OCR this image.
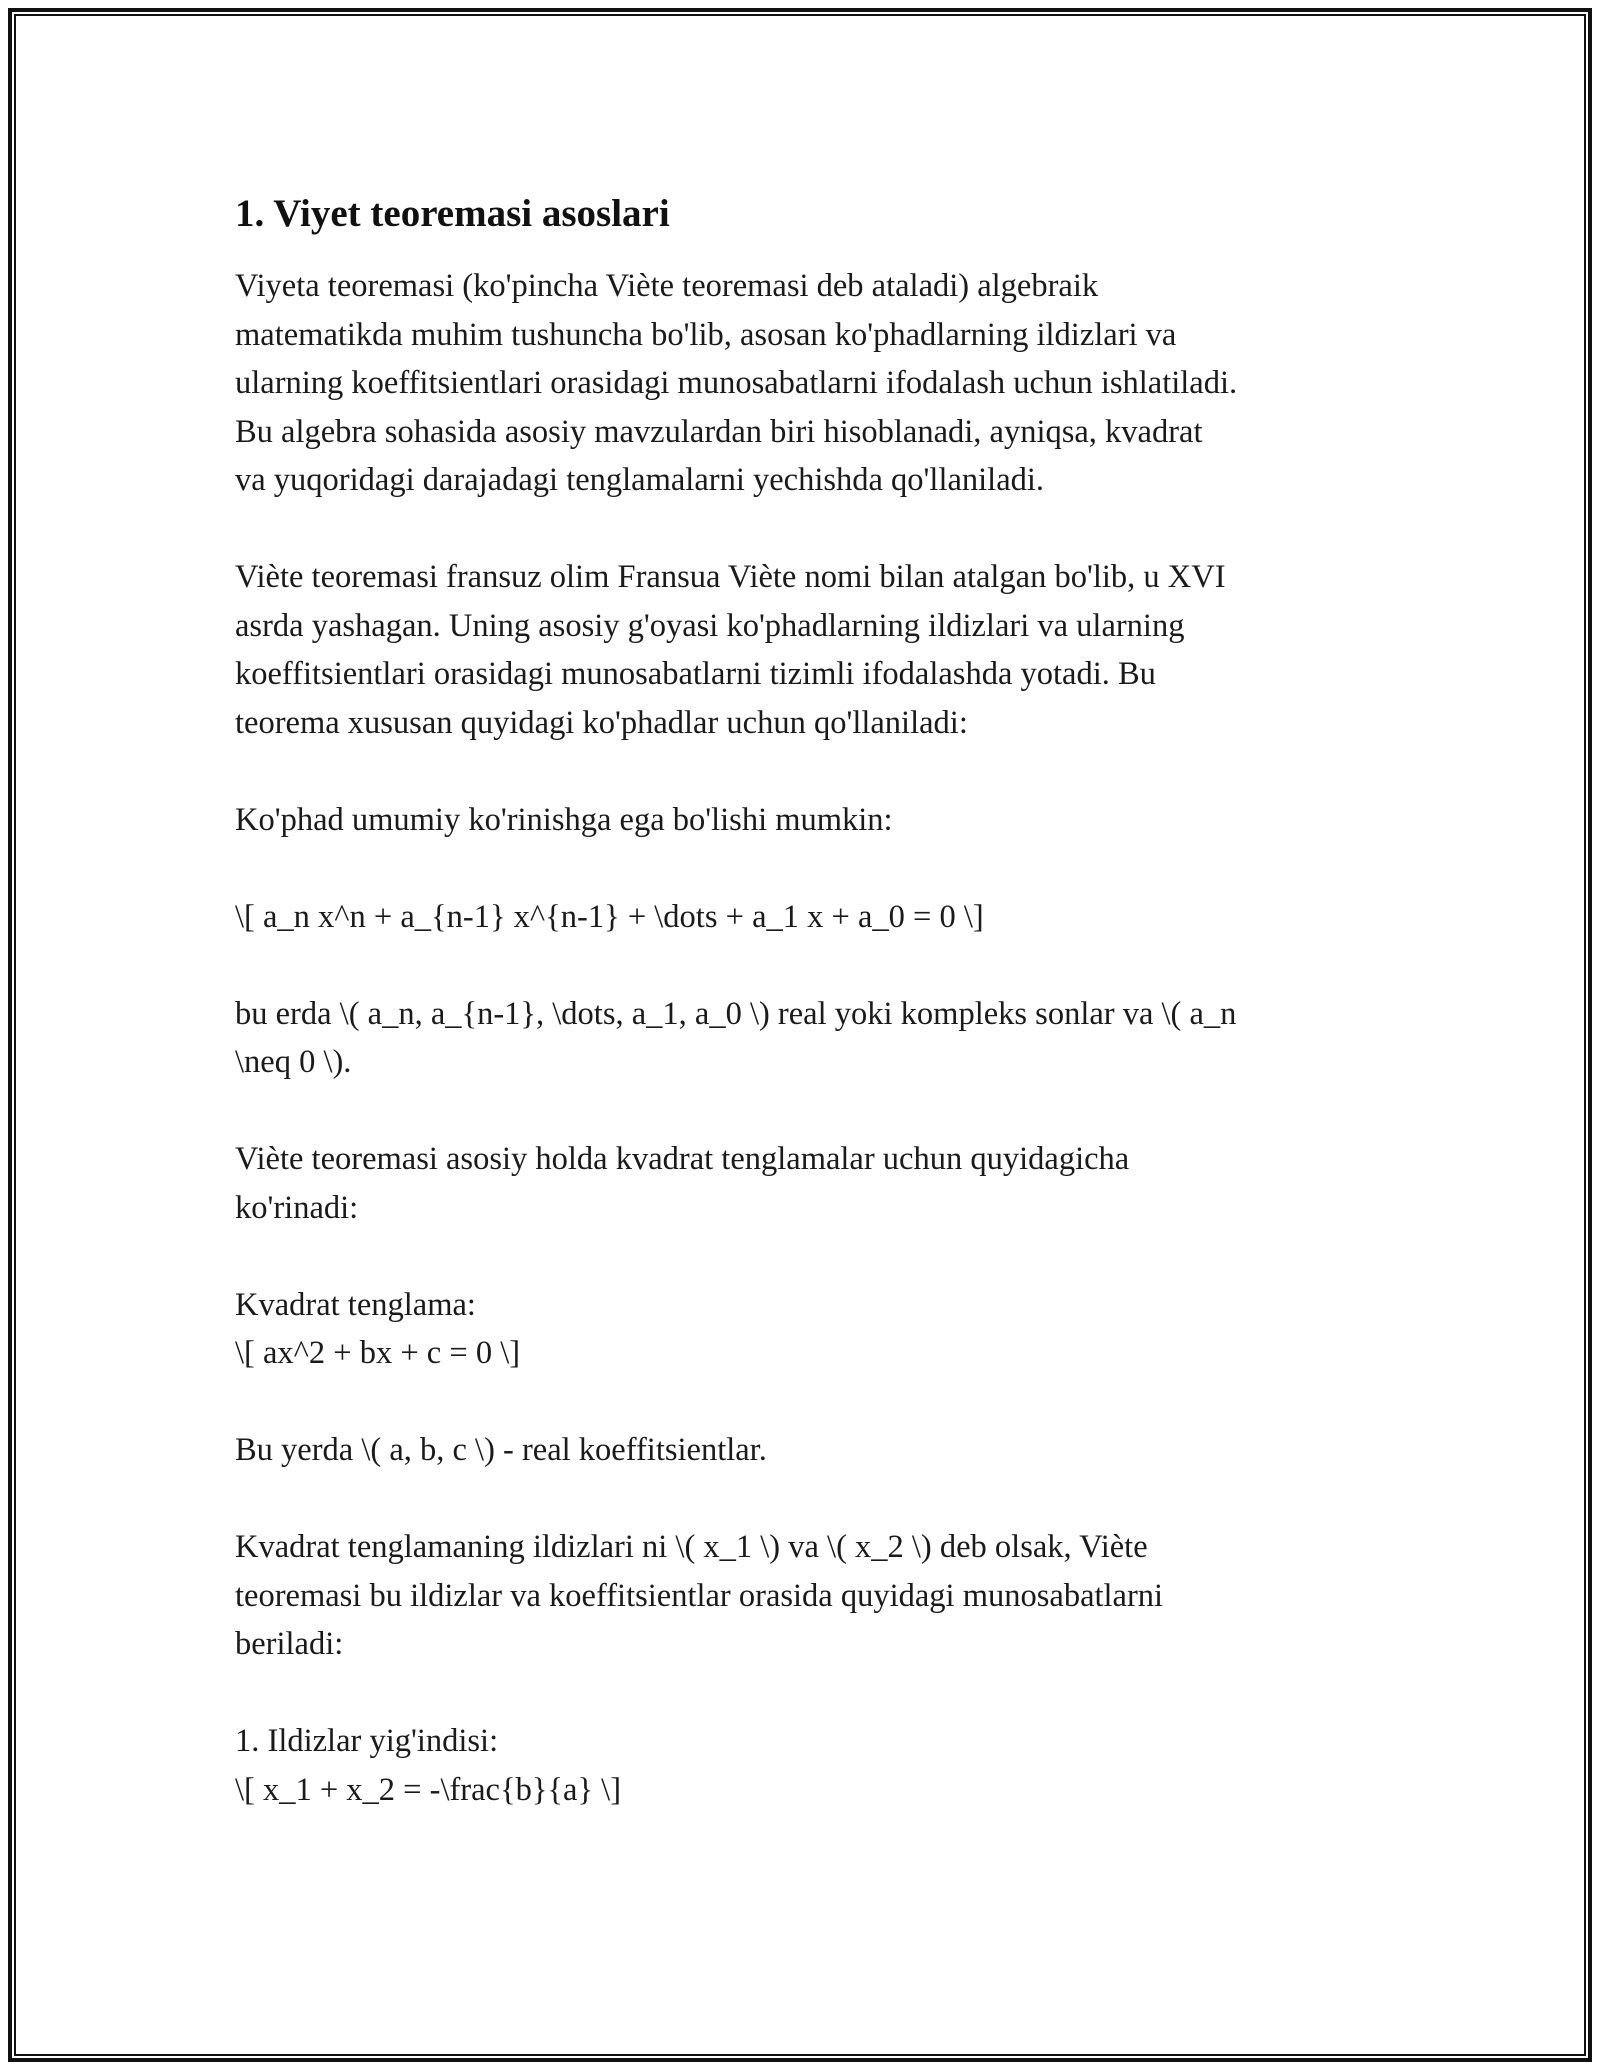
1. Viyet teoremasi asoslari

Viyeta teoremasi (ko'pincha Viète teoremasi deb ataladi) algebraik
matematikda muhim tushuncha bo'lib, asosan ko'phadlarning ildizlari va
ularning koeffitsientlari orasidagi munosabatlarni ifodalash uchun ishlatiladi.
Bu algebra sohasida asosiy mavzulardan biri hisoblanadi, ayniqsa, kvadrat
va yuqoridagi darajadagi tenglamalarni yechishda qo'llaniladi.

Viète teoremasi fransuz olim Fransua Viète nomi bilan atalgan bo'lib, u XVI
asrda yashagan. Uning asosiy g'oyasi ko'phadlarning ildizlari va ularning
koeffitsientlari orasidagi munosabatlarni tizimli ifodalashda yotadi. Bu
teorema xususan quyidagi ko'phadlar uchun qo'llaniladi:

Ko'phad umumiy ko'rinishga ega bo'lishi mumkin:

\[ a_n x^n + a_{n-1} x^{n-1} + \dots + a_1 x + a_0 = 0 \]

bu erda \( a_n, a_{n-1}, \dots, a_1, a_0 \) real yoki kompleks sonlar va \( a_n
\neq 0 \).

Viète teoremasi asosiy holda kvadrat tenglamalar uchun quyidagicha
ko'rinadi:

Kvadrat tenglama:
\[ ax^2 + bx + c = 0 \]

Bu yerda \( a, b, c \) - real koeffitsientlar.

Kvadrat tenglamaning ildizlari ni \( x_1 \) va \( x_2 \) deb olsak, Viète
teoremasi bu ildizlar va koeffitsientlar orasida quyidagi munosabatlarni
beriladi:

1. Ildizlar yig'indisi:
\[ x_1 + x_2 = -\frac{b}{a} \]
